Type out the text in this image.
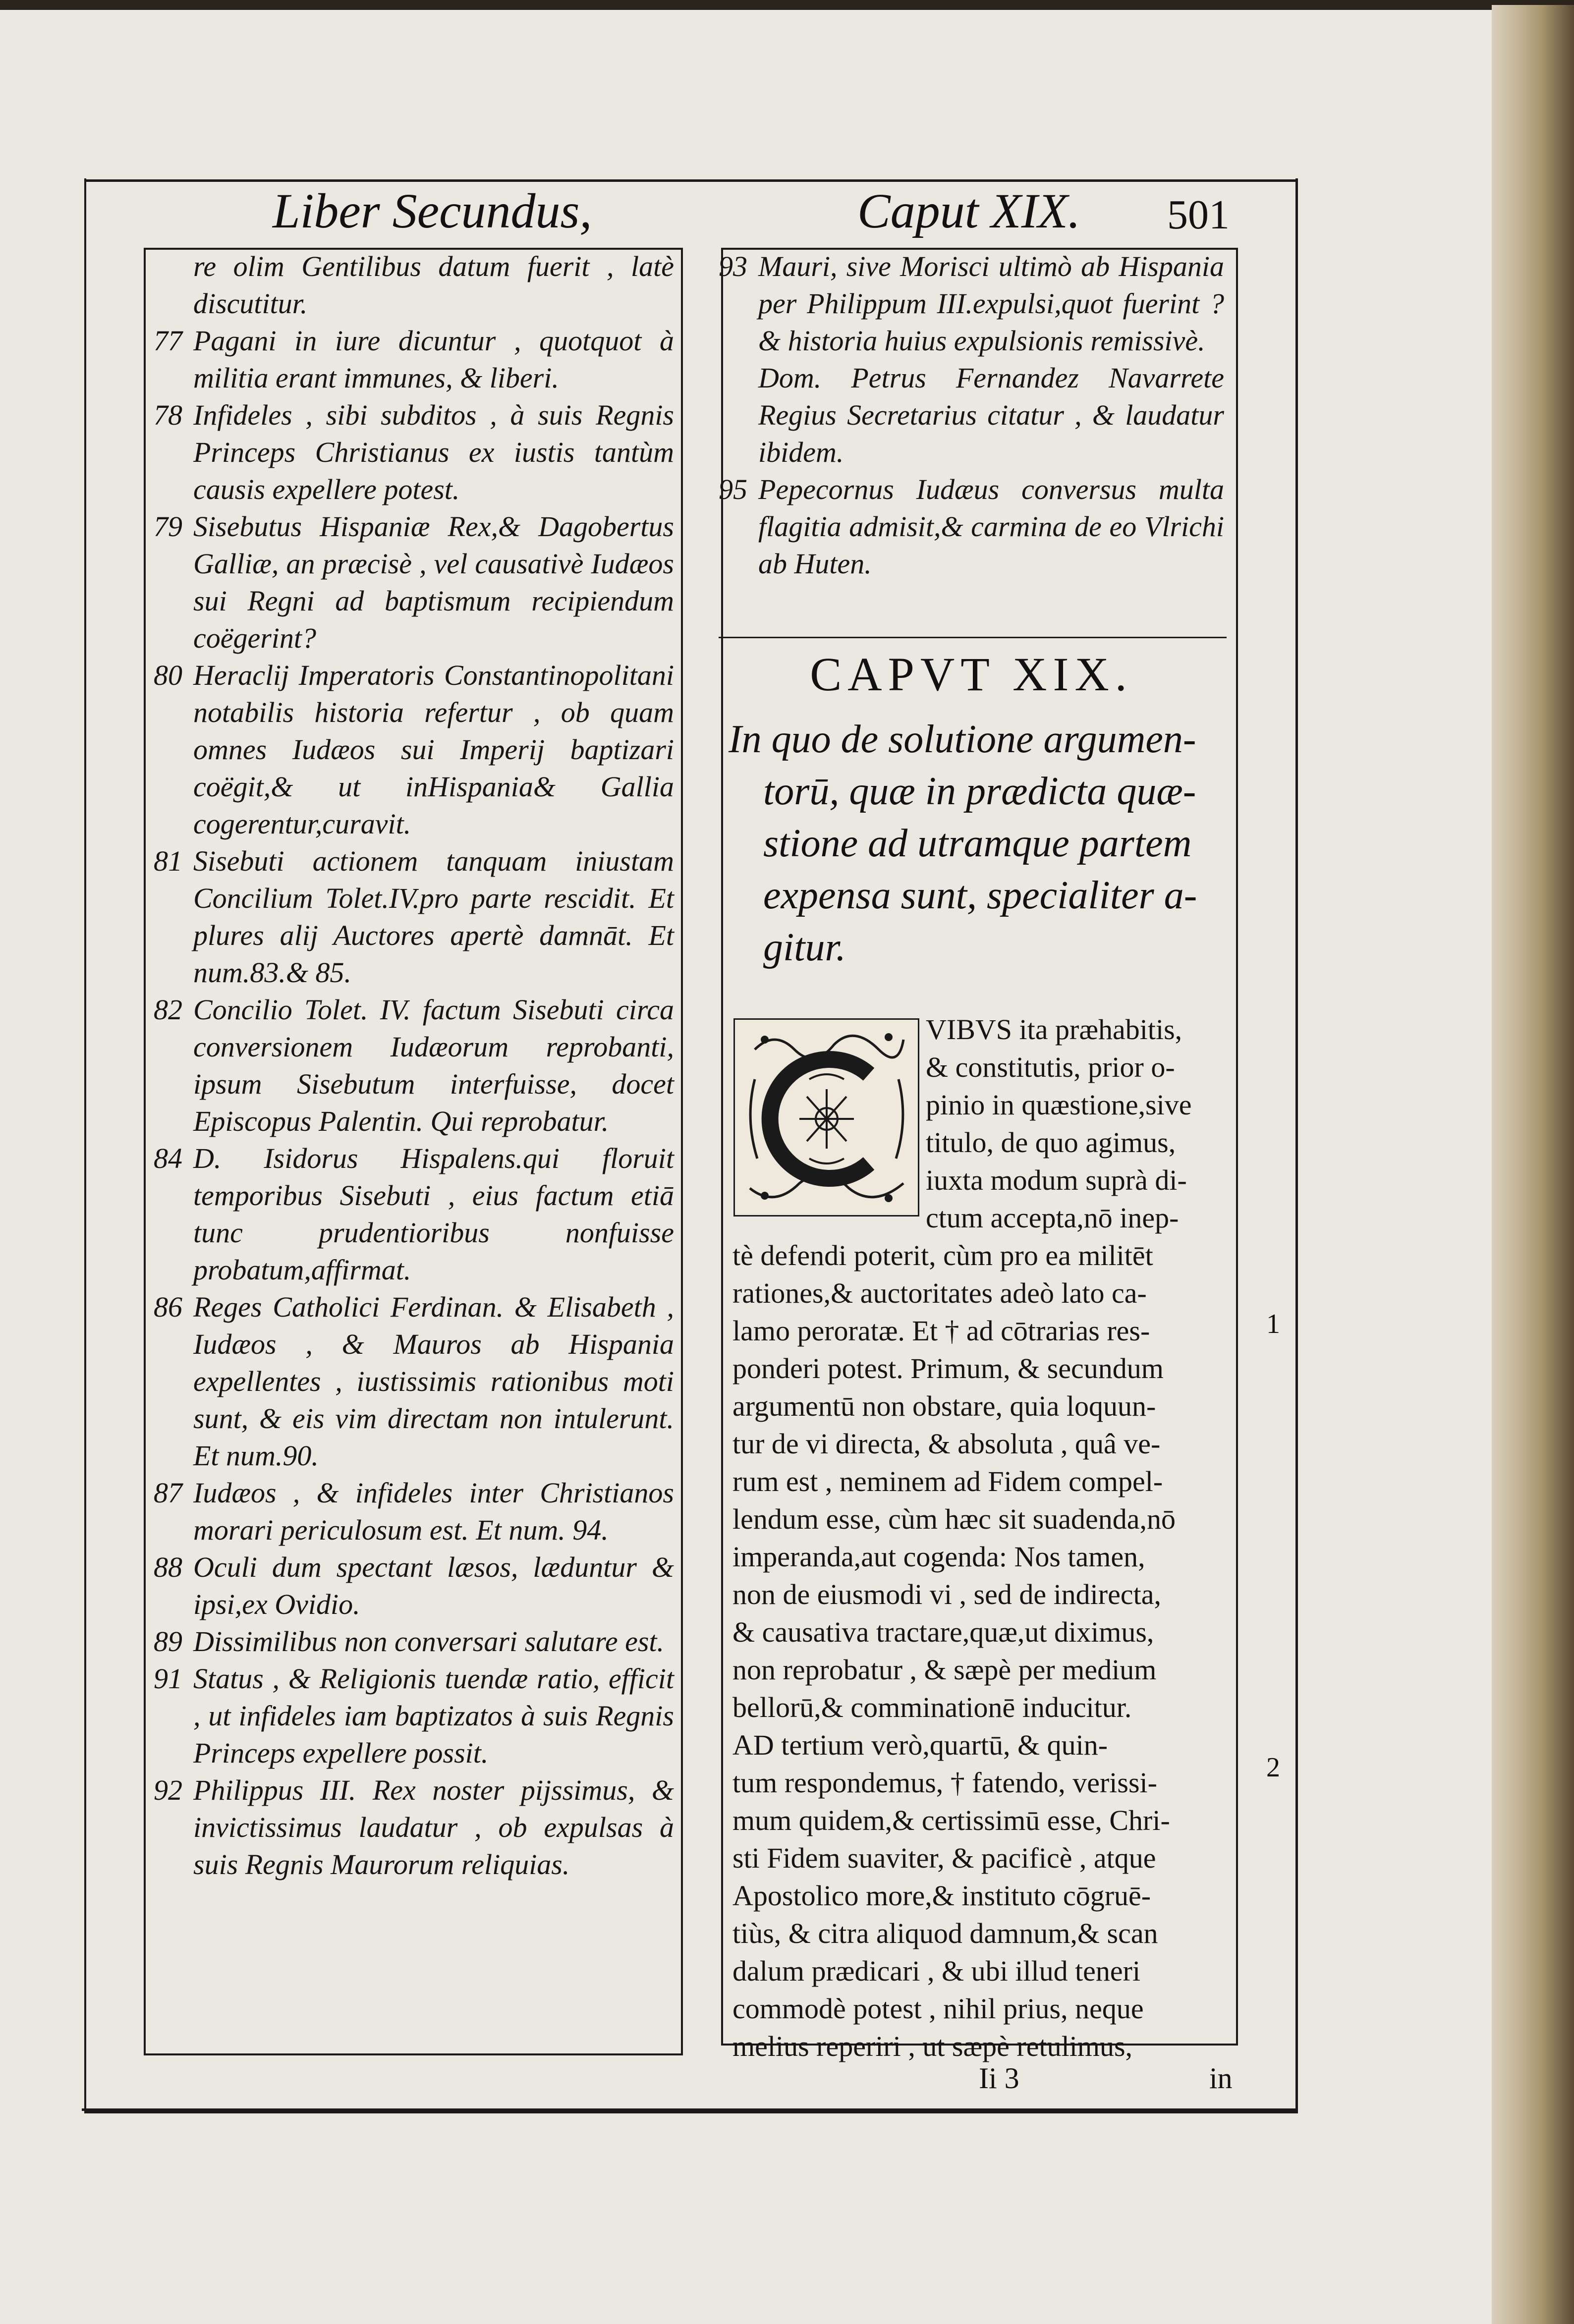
Liber Secundus,	Caput XIX. 501

re olim Gentilibus datum fuerit , latè discutitur.

77 Pagani in iure dicuntur , quotquot à militia erant immunes, & liberi.

78 Infideles , sibi subditos , à suis Regnis Princeps Christianus ex iustis tantùm causis expellere potest.

79 Sisebutus Hispaniæ Rex,& Dagobertus Galliæ, an præcisè , vel causativè Iudæos sui Regni ad baptismum recipiendum coëgerint?

80 Heraclij Imperatoris Constantinopolitani notabilis historia refertur , ob quam omnes Iudæos sui Imperij baptizari coëgit,& ut inHispania& Gallia cogerentur,curavit.

81 Sisebuti actionem tanquam iniustam Concilium Tolet.IV.pro parte rescidit. Et plures alij Auctores apertè damnāt. Et num.83.& 85.

82 Concilio Tolet. IV. factum Sisebuti circa conversionem Iudæorum reprobanti, ipsum Sisebutum interfuisse, docet Episcopus Palentin. Qui reprobatur.

84 D. Isidorus Hispalens.qui floruit temporibus Sisebuti , eius factum etiā tunc prudentioribus nonfuisse probatum,affirmat.

86 Reges Catholici Ferdinan. & Elisabeth , Iudæos , & Mauros ab Hispania expellentes , iustissimis rationibus moti sunt, & eis vim directam non intulerunt. Et num.90.

87 Iudæos , & infideles inter Christianos morari periculosum est. Et num. 94.

88 Oculi dum spectant læsos, læduntur & ipsi,ex Ovidio.

89 Dissimilibus non conversari salutare est.

91 Status , & Religionis tuendæ ratio, efficit , ut infideles iam baptizatos à suis Regnis Princeps expellere possit.

92 Philippus III. Rex noster pijssimus, & invictissimus laudatur , ob expulsas à suis Regnis Maurorum reliquias.

93 Mauri, sive Morisci ultimò ab Hispania per Philippum III.expulsi,quot fuerint ? & historia huius expulsionis remissivè.

Dom. Petrus Fernandez Navarrete Regius Secretarius citatur , & laudatur ibidem.

95 Pepecornus Iudæus conversus multa flagitia admisit,& carmina de eo Vlrichi ab Huten.

CAPVT XIX.
In quo de solutione argumen-
torū, quæ in prædicta quæ-
stione ad utramque partem
expensa sunt, specialiter a-
gitur.
VIBVS ita præhabitis,
& constitutis, prior o-
pinio in quæstione,sive
titulo, de quo agimus,
iuxta modum suprà di-
ctum accepta,nō inep-
tè defendi poterit, cùm pro ea militēt
rationes,& auctoritates adeò lato ca-
lamo peroratæ. Et † ad cōtrarias res-
ponderi potest. Primum, & secundum
argumentū non obstare, quia loquun-
tur de vi directa, & absoluta , quâ ve-
rum est , neminem ad Fidem compel-
lendum esse, cùm hæc sit suadenda,nō
imperanda,aut cogenda: Nos tamen,
non de eiusmodi vi , sed de indirecta,
& causativa tractare,quæ,ut diximus,
non reprobatur , & sæpè per medium
bellorū,& comminationē inducitur.
AD tertium verò,quartū, & quin-
tum respondemus, † fatendo, verissi-
mum quidem,& certissimū esse, Chri-
sti Fidem suaviter, & pacificè , atque
Apostolico more,& instituto cōgruē-
tiùs, & citra aliquod damnum,& scan
dalum prædicari , & ubi illud teneri
commodè potest , nihil prius, neque
melius reperiri , ut sæpè retulimus,
1
2
Ii 3	in
